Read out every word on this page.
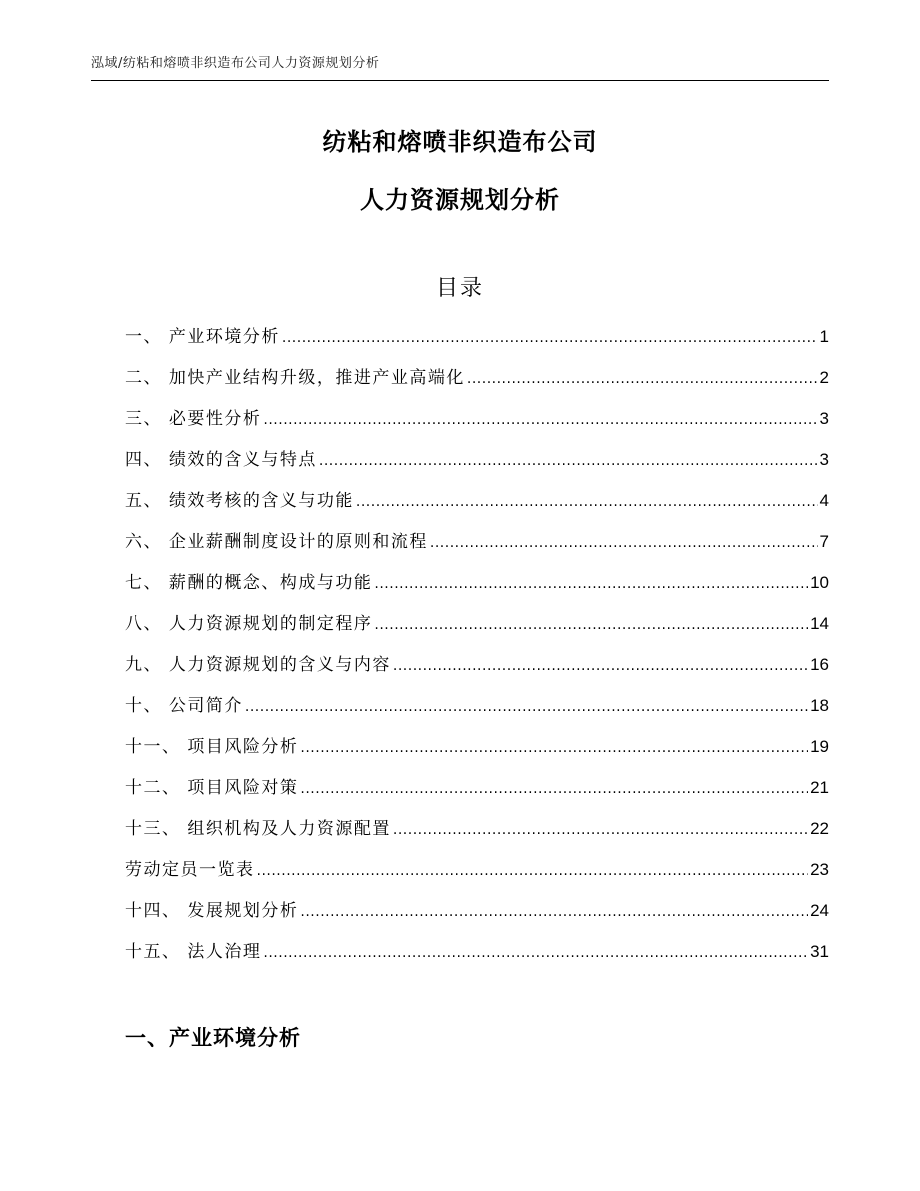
泓域/纺粘和熔喷非织造布公司人力资源规划分析
纺粘和熔喷非织造布公司
人力资源规划分析
目录
一、 产业环境分析 .....	1
二、 加快产业结构升级，推进产业高端化 .....	2
三、 必要性分析 .....	3
四、 绩效的含义与特点 .....	3
五、 绩效考核的含义与功能 .....	4
六、 企业薪酬制度设计的原则和流程 .....	7
七、 薪酬的概念、构成与功能 .....	10
八、 人力资源规划的制定程序 .....	14
九、 人力资源规划的含义与内容 .....	16
十、 公司简介 .....	18
十一、 项目风险分析 .....	19
十二、 项目风险对策 .....	21
十三、 组织机构及人力资源配置 .....	22
劳动定员一览表 .....	23
十四、 发展规划分析 .....	24
十五、 法人治理 .....	31
一、产业环境分析
